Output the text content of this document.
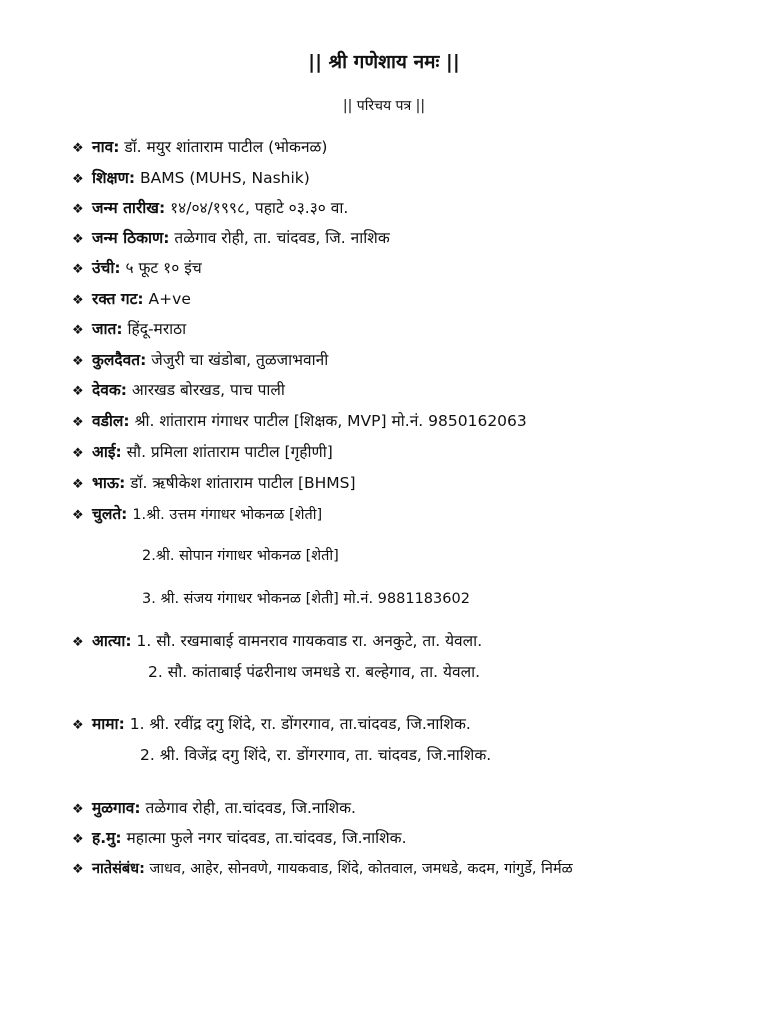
|| श्री गणेशाय नमः ||
|| परिचय पत्र ||
❖ नाव: डॉ. मयुर शांताराम पाटील (भोकनळ)
❖ शिक्षण: BAMS (MUHS, Nashik)
❖ जन्म तारीख: १४/०४/१९९८, पहाटे ०३.३० वा.
❖ जन्म ठिकाण: तळेगाव रोही, ता. चांदवड, जि. नाशिक
❖ उंची: ५ फूट १० इंच
❖ रक्त गट: A+ve
❖ जात: हिंदू-मराठा
❖ कुलदैवत: जेजुरी चा खंडोबा, तुळजाभवानी
❖ देवक: आरखड बोरखड, पाच पाली
❖ वडील: श्री. शांताराम गंगाधर पाटील [शिक्षक, MVP] मो.नं. 9850162063
❖ आई: सौ. प्रमिला शांताराम पाटील [गृहीणी]
❖ भाऊ: डॉ. ऋषीकेश शांताराम पाटील [BHMS]
❖ चुलते: 1.श्री. उत्तम गंगाधर भोकनळ [शेती]
2.श्री. सोपान गंगाधर भोकनळ [शेती]
3. श्री. संजय गंगाधर भोकनळ [शेती] मो.नं. 9881183602
❖ आत्या: 1. सौ. रखमाबाई वामनराव गायकवाड रा. अनकुटे, ता. येवला.
2. सौ. कांताबाई पंढरीनाथ जमधडे रा. बल्हेगाव, ता. येवला.
❖ मामा: 1. श्री. रवींद्र दगु शिंदे, रा. डोंगरगाव, ता.चांदवड, जि.नाशिक.
2. श्री. विजेंद्र दगु शिंदे, रा. डोंगरगाव, ता. चांदवड, जि.नाशिक.
❖ मुळगाव: तळेगाव रोही, ता.चांदवड, जि.नाशिक.
❖ ह.मु: महात्मा फुले नगर चांदवड, ता.चांदवड, जि.नाशिक.
❖ नातेसंबंध: जाधव, आहेर, सोनवणे, गायकवाड, शिंदे, कोतवाल, जमधडे, कदम, गांगुर्डे, निर्मळ
